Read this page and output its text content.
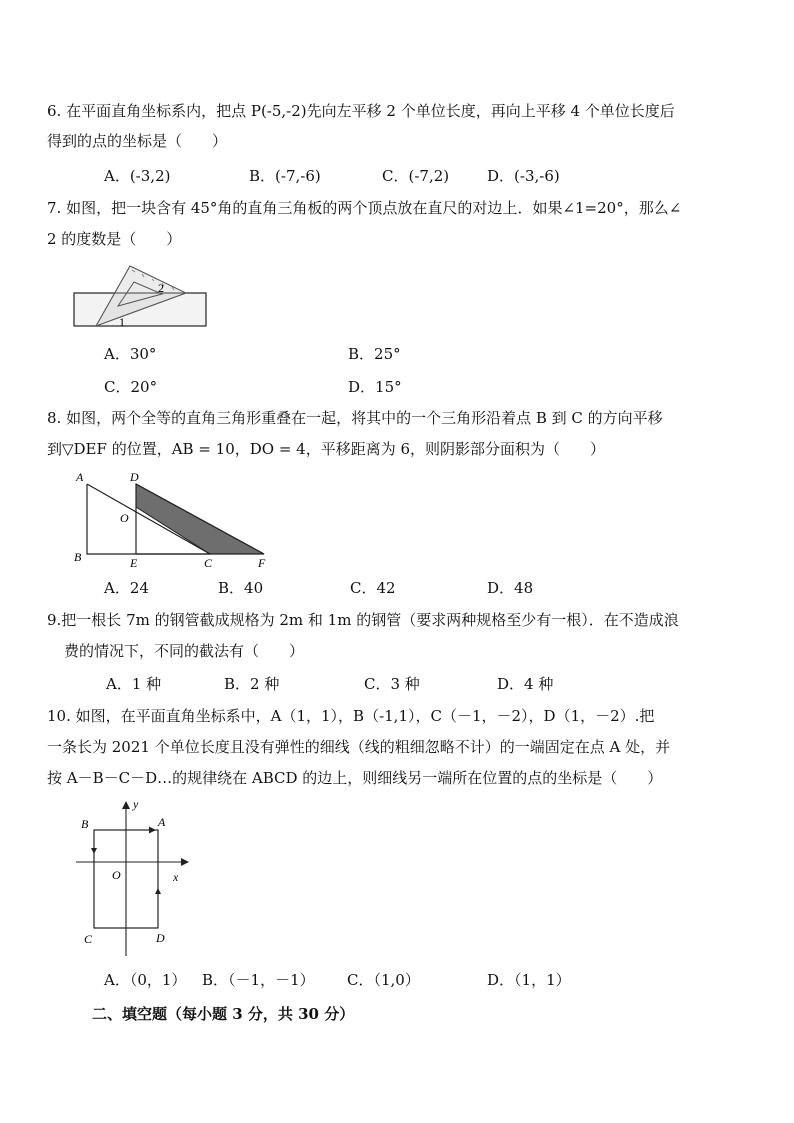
6. 在平面直角坐标系内，把点 P(-5,-2)先向左平移 2 个单位长度，再向上平移 4 个单位长度后
得到的点的坐标是（　　）
A．(-3,2)	B．(-7,-6)	C．(-7,2)	D．(-3,-6)
7. 如图，把一块含有 45°角的直角三角板的两个顶点放在直尺的对边上．如果∠1=20°，那么∠
2 的度数是（　　）
2
1
A．30°	B．25°
C．20°	D．15°
8. 如图，两个全等的直角三角形重叠在一起，将其中的一个三角形沿着点 B 到 C 的方向平移
到▽DEF 的位置，AB = 10，DO = 4，平移距离为 6，则阴影部分面积为（　　）
A	D
O
B	E	C	F
A．24	B．40	C．42	D．48
9.把一根长 7m 的钢管截成规格为 2m 和 1m 的钢管（要求两种规格至少有一根）．在不造成浪
费的情况下，不同的截法有（　　）
A．1 种	B．2 种	C．3 种	D．4 种
10. 如图，在平面直角坐标系中，A（1，1），B（-1,1），C（－1，－2），D（1，－2）.把
一条长为 2021 个单位长度且没有弹性的细线（线的粗细忽略不计）的一端固定在点 A 处，并
按 A－B－C－D…的规律绕在 ABCD 的边上，则细线另一端所在位置的点的坐标是（　　）
A
B
C	D
O	x
y
A．（0，1） B．（－1，－1） C．（1,0）	D．（1，1）
二、填空题（每小题 3 分，共 30 分）
